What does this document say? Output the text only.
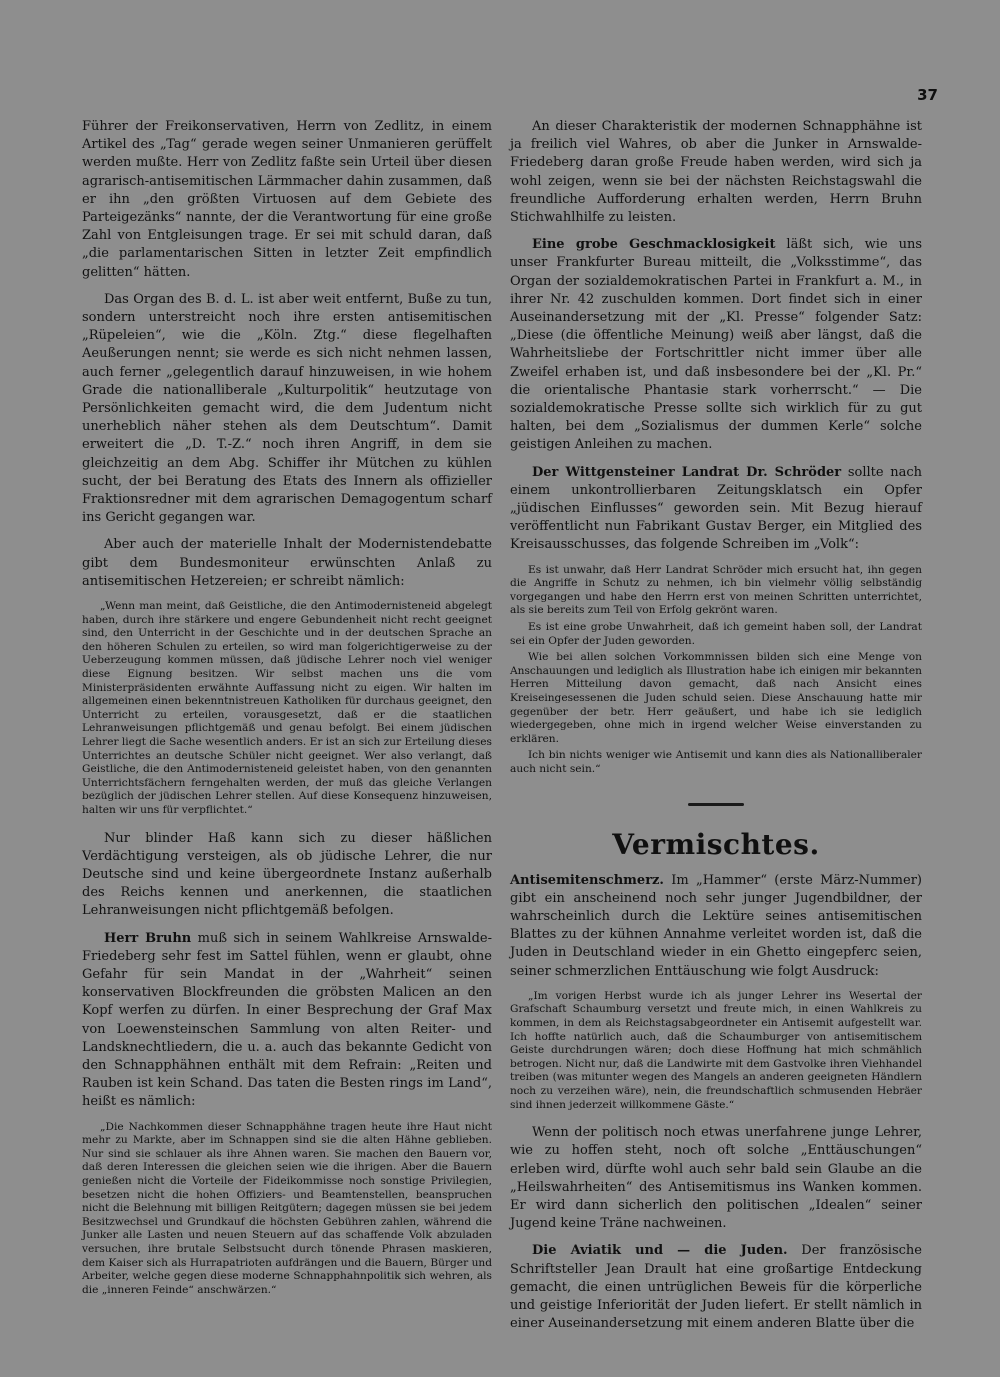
37

Führer der Freikonservativen, Herrn von Zedlitz, in einem Artikel des „Tag“ gerade wegen seiner Unmanieren gerüffelt werden mußte. Herr von Zedlitz faßte sein Urteil über diesen agrarisch-antisemitischen Lärmmacher dahin zusammen, daß er ihn „den größten Virtuosen auf dem Gebiete des Parteigezänks“ nannte, der die Verantwortung für eine große Zahl von Entgleisungen trage. Er sei mit schuld daran, daß „die parlamentarischen Sitten in letzter Zeit empfindlich gelitten“ hätten.

Das Organ des B. d. L. ist aber weit entfernt, Buße zu tun, sondern unterstreicht noch ihre ersten antisemitischen „Rüpeleien“, wie die „Köln. Ztg.“ diese flegelhaften Aeußerungen nennt; sie werde es sich nicht nehmen lassen, auch ferner „gelegentlich darauf hinzuweisen, in wie hohem Grade die nationalliberale „Kulturpolitik“ heutzutage von Persönlichkeiten gemacht wird, die dem Judentum nicht unerheblich näher stehen als dem Deutschtum“. Damit erweitert die „D. T.-Z.“ noch ihren Angriff, in dem sie gleichzeitig an dem Abg. Schiffer ihr Mütchen zu kühlen sucht, der bei Beratung des Etats des Innern als offizieller Fraktionsredner mit dem agrarischen Demagogentum scharf ins Gericht gegangen war.

Aber auch der materielle Inhalt der Modernistendebatte gibt dem Bundesmoniteur erwünschten Anlaß zu antisemitischen Hetzereien; er schreibt nämlich:

„Wenn man meint, daß Geistliche, die den Antimodernisteneid abgelegt haben, durch ihre stärkere und engere Gebundenheit nicht recht geeignet sind, den Unterricht in der Geschichte und in der deutschen Sprache an den höheren Schulen zu erteilen, so wird man folgerichtigerweise zu der Ueberzeugung kommen müssen, daß jüdische Lehrer noch viel weniger diese Eignung besitzen. Wir selbst machen uns die vom Ministerpräsidenten erwähnte Auffassung nicht zu eigen. Wir halten im allgemeinen einen bekenntnistreuen Katholiken für durchaus geeignet, den Unterricht zu erteilen, vorausgesetzt, daß er die staatlichen Lehranweisungen pflichtgemäß und genau befolgt. Bei einem jüdischen Lehrer liegt die Sache wesentlich anders. Er ist an sich zur Erteilung dieses Unterrichtes an deutsche Schüler nicht geeignet. Wer also verlangt, daß Geistliche, die den Antimodernisteneid geleistet haben, von den genannten Unterrichtsfächern ferngehalten werden, der muß das gleiche Verlangen bezüglich der jüdischen Lehrer stellen. Auf diese Konsequenz hinzuweisen, halten wir uns für verpflichtet.“

Nur blinder Haß kann sich zu dieser häßlichen Verdächtigung versteigen, als ob jüdische Lehrer, die nur Deutsche sind und keine übergeordnete Instanz außerhalb des Reichs kennen und anerkennen, die staatlichen Lehranweisungen nicht pflichtgemäß befolgen.

Herr Bruhn muß sich in seinem Wahlkreise Arnswalde-Friedeberg sehr fest im Sattel fühlen, wenn er glaubt, ohne Gefahr für sein Mandat in der „Wahrheit“ seinen konservativen Blockfreunden die gröbsten Malicen an den Kopf werfen zu dürfen. In einer Besprechung der Graf Max von Loewensteinschen Sammlung von alten Reiter- und Landsknechtliedern, die u. a. auch das bekannte Gedicht von den Schnapphähnen enthält mit dem Refrain: „Reiten und Rauben ist kein Schand. Das taten die Besten rings im Land“, heißt es nämlich:

„Die Nachkommen dieser Schnapphähne tragen heute ihre Haut nicht mehr zu Markte, aber im Schnappen sind sie die alten Hähne geblieben. Nur sind sie schlauer als ihre Ahnen waren. Sie machen den Bauern vor, daß deren Interessen die gleichen seien wie die ihrigen. Aber die Bauern genießen nicht die Vorteile der Fideikommisse noch sonstige Privilegien, besetzen nicht die hohen Offiziers- und Beamtenstellen, beanspruchen nicht die Belehnung mit billigen Reitgütern; dagegen müssen sie bei jedem Besitzwechsel und Grundkauf die höchsten Gebühren zahlen, während die Junker alle Lasten und neuen Steuern auf das schaffende Volk abzuladen versuchen, ihre brutale Selbstsucht durch tönende Phrasen maskieren, dem Kaiser sich als Hurrapatrioten aufdrängen und die Bauern, Bürger und Arbeiter, welche gegen diese moderne Schnapphahnpolitik sich wehren, als die „inneren Feinde“ anschwärzen.“

An dieser Charakteristik der modernen Schnapphähne ist ja freilich viel Wahres, ob aber die Junker in Arnswalde-Friedeberg daran große Freude haben werden, wird sich ja wohl zeigen, wenn sie bei der nächsten Reichstagswahl die freundliche Aufforderung erhalten werden, Herrn Bruhn Stichwahlhilfe zu leisten.

Eine grobe Geschmacklosigkeit läßt sich, wie uns unser Frankfurter Bureau mitteilt, die „Volksstimme“, das Organ der sozialdemokratischen Partei in Frankfurt a. M., in ihrer Nr. 42 zuschulden kommen. Dort findet sich in einer Auseinandersetzung mit der „Kl. Presse“ folgender Satz: „Diese (die öffentliche Meinung) weiß aber längst, daß die Wahrheitsliebe der Fortschrittler nicht immer über alle Zweifel erhaben ist, und daß insbesondere bei der „Kl. Pr.“ die orientalische Phantasie stark vorherrscht.“ — Die sozialdemokratische Presse sollte sich wirklich für zu gut halten, bei dem „Sozialismus der dummen Kerle“ solche geistigen Anleihen zu machen.

Der Wittgensteiner Landrat Dr. Schröder sollte nach einem unkontrollierbaren Zeitungsklatsch ein Opfer „jüdischen Einflusses“ geworden sein. Mit Bezug hierauf veröffentlicht nun Fabrikant Gustav Berger, ein Mitglied des Kreisausschusses, das folgende Schreiben im „Volk“:

Es ist unwahr, daß Herr Landrat Schröder mich ersucht hat, ihn gegen die Angriffe in Schutz zu nehmen, ich bin vielmehr völlig selbständig vorgegangen und habe den Herrn erst von meinen Schritten unterrichtet, als sie bereits zum Teil von Erfolg gekrönt waren.

Es ist eine grobe Unwahrheit, daß ich gemeint haben soll, der Landrat sei ein Opfer der Juden geworden.

Wie bei allen solchen Vorkommnissen bilden sich eine Menge von Anschauungen und lediglich als Illustration habe ich einigen mir bekannten Herren Mitteilung davon gemacht, daß nach Ansicht eines Kreiseingesessenen die Juden schuld seien. Diese Anschauung hatte mir gegenüber der betr. Herr geäußert, und habe ich sie lediglich wiedergegeben, ohne mich in irgend welcher Weise einverstanden zu erklären.

Ich bin nichts weniger wie Antisemit und kann dies als Nationalliberaler auch nicht sein.“

Vermischtes.

Antisemitenschmerz. Im „Hammer“ (erste März-Nummer) gibt ein anscheinend noch sehr junger Jugendbildner, der wahrscheinlich durch die Lektüre seines antisemitischen Blattes zu der kühnen Annahme verleitet worden ist, daß die Juden in Deutschland wieder in ein Ghetto eingepferc seien, seiner schmerzlichen Enttäuschung wie folgt Ausdruck:

„Im vorigen Herbst wurde ich als junger Lehrer ins Wesertal der Grafschaft Schaumburg versetzt und freute mich, in einen Wahlkreis zu kommen, in dem als Reichstagsabgeordneter ein Antisemit aufgestellt war. Ich hoffte natürlich auch, daß die Schaumburger von antisemitischem Geiste durchdrungen wären; doch diese Hoffnung hat mich schmählich betrogen. Nicht nur, daß die Landwirte mit dem Gastvolke ihren Viehhandel treiben (was mitunter wegen des Mangels an anderen geeigneten Händlern noch zu verzeihen wäre), nein, die freundschaftlich schmusenden Hebräer sind ihnen jederzeit willkommene Gäste.“

Wenn der politisch noch etwas unerfahrene junge Lehrer, wie zu hoffen steht, noch oft solche „Enttäuschungen“ erleben wird, dürfte wohl auch sehr bald sein Glaube an die „Heilswahrheiten“ des Antisemitismus ins Wanken kommen. Er wird dann sicherlich den politischen „Idealen“ seiner Jugend keine Träne nachweinen.

Die Aviatik und — die Juden. Der französische Schriftsteller Jean Drault hat eine großartige Entdeckung gemacht, die einen untrüglichen Beweis für die körperliche und geistige Inferiorität der Juden liefert. Er stellt nämlich in einer Auseinandersetzung mit einem anderen Blatte über die
